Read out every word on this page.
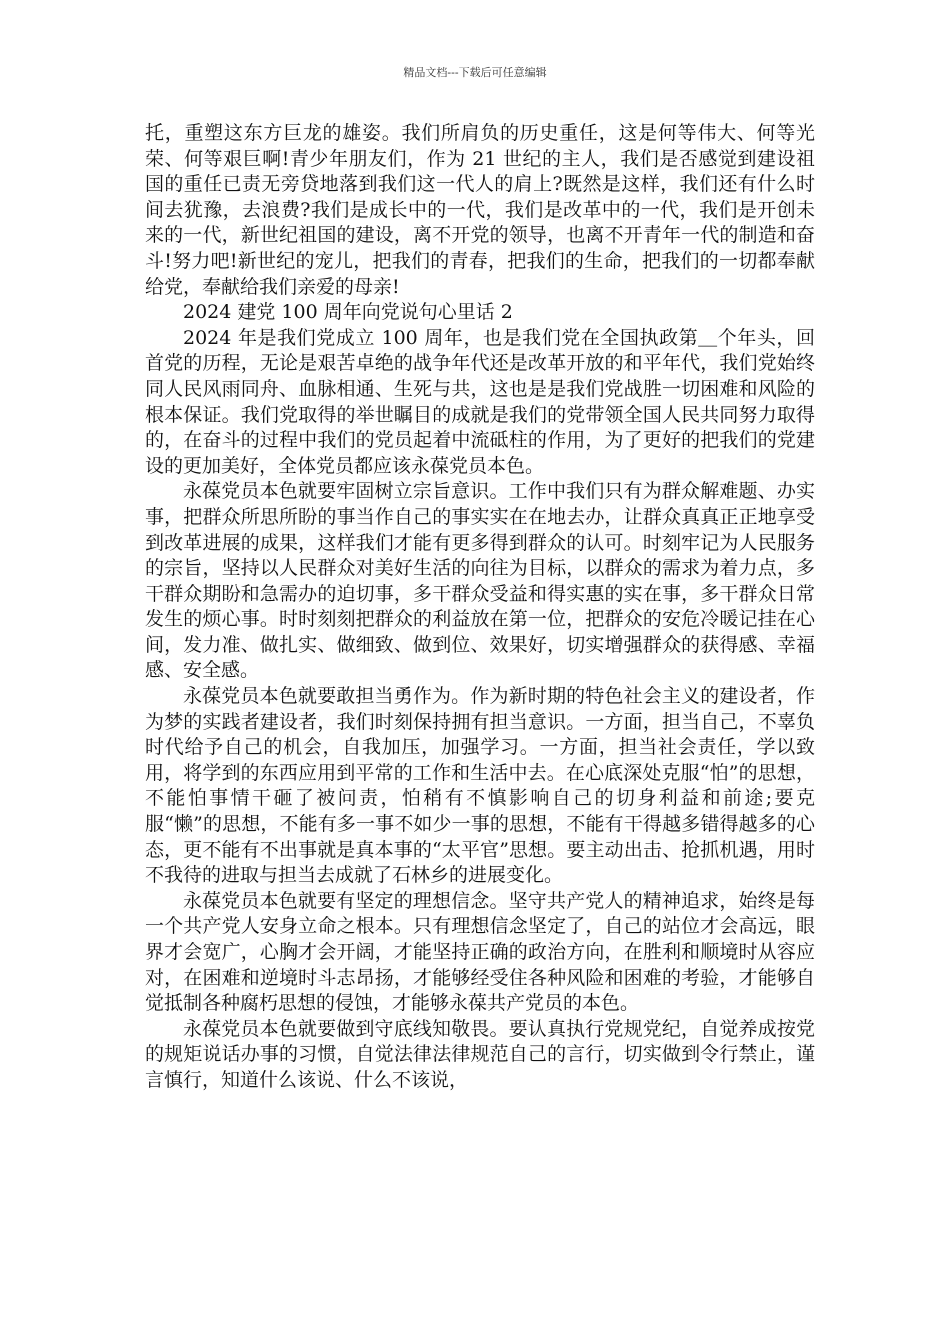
精品文档---下载后可任意编辑

托，重塑这东方巨龙的雄姿。我们所肩负的历史重任，这是何等伟大、何等光荣、何等艰巨啊!青少年朋友们，作为 21 世纪的主人，我们是否感觉到建设祖国的重任已责无旁贷地落到我们这一代人的肩上?既然是这样，我们还有什么时间去犹豫，去浪费?我们是成长中的一代，我们是改革中的一代，我们是开创未来的一代，新世纪祖国的建设，离不开党的领导，也离不开青年一代的制造和奋斗!努力吧!新世纪的宠儿，把我们的青春，把我们的生命，把我们的一切都奉献给党，奉献给我们亲爱的母亲!

2024 建党 100 周年向党说句心里话 2

2024 年是我们党成立 100 周年，也是我们党在全国执政第＿个年头，回首党的历程，无论是艰苦卓绝的战争年代还是改革开放的和平年代，我们党始终同人民风雨同舟、血脉相通、生死与共，这也是是我们党战胜一切困难和风险的根本保证。我们党取得的举世瞩目的成就是我们的党带领全国人民共同努力取得的，在奋斗的过程中我们的党员起着中流砥柱的作用，为了更好的把我们的党建设的更加美好，全体党员都应该永葆党员本色。

永葆党员本色就要牢固树立宗旨意识。工作中我们只有为群众解难题、办实事，把群众所思所盼的事当作自己的事实实在在地去办，让群众真真正正地享受到改革进展的成果，这样我们才能有更多得到群众的认可。时刻牢记为人民服务的宗旨，坚持以人民群众对美好生活的向往为目标，以群众的需求为着力点，多干群众期盼和急需办的迫切事，多干群众受益和得实惠的实在事，多干群众日常发生的烦心事。时时刻刻把群众的利益放在第一位，把群众的安危冷暖记挂在心间，发力准、做扎实、做细致、做到位、效果好，切实增强群众的获得感、幸福感、安全感。

永葆党员本色就要敢担当勇作为。作为新时期的特色社会主义的建设者，作为梦的实践者建设者，我们时刻保持拥有担当意识。一方面，担当自己，不辜负时代给予自己的机会，自我加压，加强学习。一方面，担当社会责任，学以致用，将学到的东西应用到平常的工作和生活中去。在心底深处克服“怕”的思想，不能怕事情干砸了被问责，怕稍有不慎影响自己的切身利益和前途;要克服“懒”的思想，不能有多一事不如少一事的思想，不能有干得越多错得越多的心态，更不能有不出事就是真本事的“太平官”思想。要主动出击、抢抓机遇，用时不我待的进取与担当去成就了石林乡的进展变化。

永葆党员本色就要有坚定的理想信念。坚守共产党人的精神追求，始终是每一个共产党人安身立命之根本。只有理想信念坚定了，自己的站位才会高远，眼界才会宽广，心胸才会开阔，才能坚持正确的政治方向，在胜利和顺境时从容应对，在困难和逆境时斗志昂扬，才能够经受住各种风险和困难的考验，才能够自觉抵制各种腐朽思想的侵蚀，才能够永葆共产党员的本色。

永葆党员本色就要做到守底线知敬畏。要认真执行党规党纪，自觉养成按党的规矩说话办事的习惯，自觉法律法律规范自己的言行，切实做到令行禁止，谨言慎行，知道什么该说、什么不该说，
